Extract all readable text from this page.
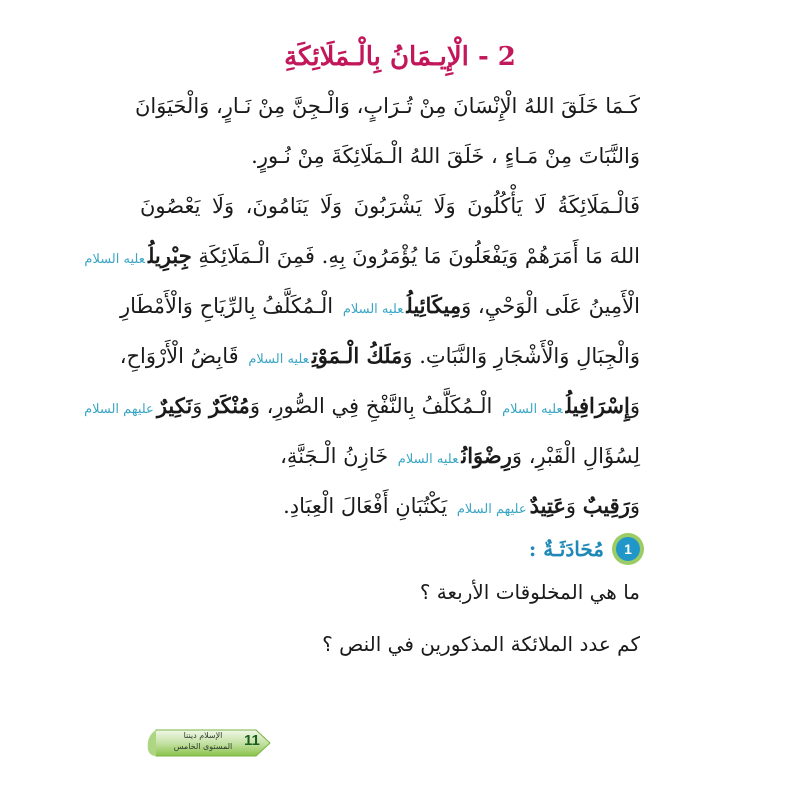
2 - الْإِيـمَانُ بِالْـمَلَائِكَةِ
كَـمَا خَلَقَ اللهُ الْإِنْسَانَ مِنْ تُـرَابٍ، وَالْـجِنَّ مِنْ نَـارٍ، وَالْحَيَوَانَ
وَالنَّبَاتَ مِنْ مَـاءٍ ، خَلَقَ اللهُ الْـمَلَائِكَةَ مِنْ نُـورٍ.
فَالْـمَلَائِكَةُ لَا يَأْكُلُونَ وَلَا يَشْرَبُونَ وَلَا يَنَامُونَ، وَلَا يَعْصُونَ
اللهَ مَا أَمَرَهُمْ وَيَفْعَلُونَ مَا يُؤْمَرُونَ بِهِ. فَمِنَ الْـمَلَائِكَةِ جِبْرِيلُعليه السلام
الْأَمِينُ عَلَى الْوَحْيِ، وَمِيكَائِيلُعليه السلام الْـمُكَلَّفُ بِالرِّيَاحِ وَالْأَمْطَارِ
وَالْجِبَالِ وَالْأَشْجَارِ وَالنَّبَاتِ. وَمَلَكُ الْـمَوْتِعليه السلام قَابِضُ الْأَرْوَاحِ،
وَإِسْرَافِيلُعليه السلام الْـمُكَلَّفُ بِالنَّفْخِ فِي الصُّورِ، وَمُنْكَرٌ وَنَكِيرٌعليهم السلام
لِسُؤَالِ الْقَبْرِ، وَرِضْوَانُعليه السلام خَازِنُ الْـجَنَّةِ،
وَرَقِيبٌ وَعَتِيدٌعليهم السلام يَكْتُبَانِ أَفْعَالَ الْعِبَادِ.
1
مُحَادَثَـةٌ :
ما هي المخلوقات الأربعة ؟
كم عدد الملائكة المذكورين في النص ؟
الإسلام ديننا
المستوى الخامس 11
